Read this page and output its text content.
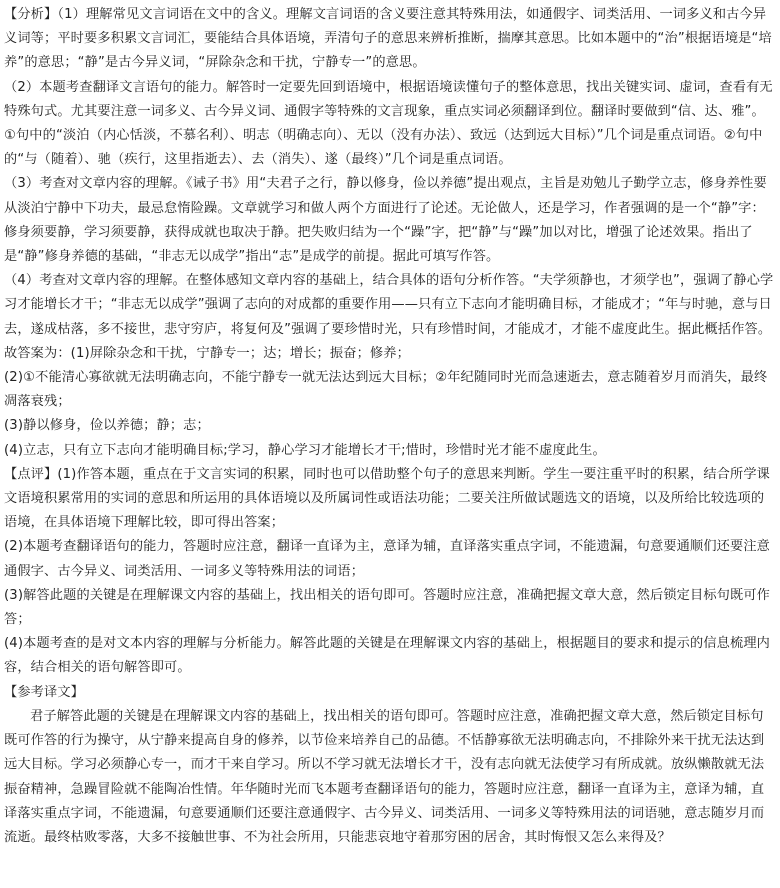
【分析】（1）理解常见文言词语在文中的含义。理解文言词语的含义要注意其特殊用法，如通假字、词类活用、一词多义和古今异义词等；平时要多积累文言词汇，要能结合具体语境，弄清句子的意思来辨析推断，揣摩其意思。比如本题中的“治”根据语境是“培养”的意思；“静”是古今异义词，“屏除杂念和干扰，宁静专一”的意思。

（2）本题考查翻译文言语句的能力。解答时一定要先回到语境中，根据语境读懂句子的整体意思，找出关键实词、虚词，查看有无特殊句式。尤其要注意一词多义、古今异义词、通假字等特殊的文言现象，重点实词必须翻译到位。翻译时要做到“信、达、雅”。①句中的“淡泊（内心恬淡，不慕名利）、明志（明确志向）、无以（没有办法）、致远（达到远大目标）”几个词是重点词语。②句中的“与（随着）、驰（疾行，这里指逝去）、去（消失）、遂（最终）”几个词是重点词语。

（3）考查对文章内容的理解。《诫子书》用“夫君子之行，静以修身，俭以养德”提出观点，主旨是劝勉儿子勤学立志，修身养性要从淡泊宁静中下功夫，最忌怠惰险躁。文章就学习和做人两个方面进行了论述。无论做人，还是学习，作者强调的是一个“静”字：修身须要静，学习须要静，获得成就也取决于静。把失败归结为一个“躁”字，把“静”与“躁”加以对比，增强了论述效果。指出了是“静”修身养德的基础，“非志无以成学”指出“志”是成学的前提。据此可填写作答。

（4）考查对文章内容的理解。在整体感知文章内容的基础上，结合具体的语句分析作答。“夫学须静也，才须学也”，强调了静心学习才能增长才干；“非志无以成学”强调了志向的对成都的重要作用——只有立下志向才能明确目标，才能成才；“年与时驰，意与日去，遂成枯落，多不接世，悲守穷庐，将复何及”强调了要珍惜时光，只有珍惜时间，才能成才，才能不虚度此生。据此概括作答。

故答案为：(1)屏除杂念和干扰，宁静专一；达；增长；振奋；修养；

(2)①不能清心寡欲就无法明确志向，不能宁静专一就无法达到远大目标；②年纪随同时光而急速逝去，意志随着岁月而消失，最终凋落衰残；

(3)静以修身，俭以养德；静；志；

(4)立志，只有立下志向才能明确目标;学习，静心学习才能增长才干;惜时，珍惜时光才能不虚度此生。

【点评】(1)作答本题，重点在于文言实词的积累，同时也可以借助整个句子的意思来判断。学生一要注重平时的积累，结合所学课文语境积累常用的实词的意思和所运用的具体语境以及所属词性或语法功能；二要关注所做试题选文的语境，以及所给比较选项的语境，在具体语境下理解比较，即可得出答案；

(2)本题考查翻译语句的能力，答题时应注意，翻译一直译为主，意译为辅，直译落实重点字词，不能遗漏，句意要通顺们还要注意通假字、古今异义、词类活用、一词多义等特殊用法的词语；

(3)解答此题的关键是在理解课文内容的基础上，找出相关的语句即可。答题时应注意，准确把握文章大意，然后锁定目标句既可作答；

(4)本题考查的是对文本内容的理解与分析能力。解答此题的关键是在理解课文内容的基础上，根据题目的要求和提示的信息梳理内容，结合相关的语句解答即可。

【参考译文】

君子解答此题的关键是在理解课文内容的基础上，找出相关的语句即可。答题时应注意，准确把握文章大意，然后锁定目标句既可作答的行为操守，从宁静来提高自身的修养，以节俭来培养自己的品德。不恬静寡欲无法明确志向，不排除外来干扰无法达到远大目标。学习必须静心专一，而才干来自学习。所以不学习就无法增长才干，没有志向就无法使学习有所成就。放纵懒散就无法振奋精神，急躁冒险就不能陶冶性情。年华随时光而飞本题考查翻译语句的能力，答题时应注意，翻译一直译为主，意译为辅，直译落实重点字词，不能遗漏，句意要通顺们还要注意通假字、古今异义、词类活用、一词多义等特殊用法的词语驰，意志随岁月而流逝。最终枯败零落，大多不接触世事、不为社会所用，只能悲哀地守着那穷困的居舍，其时悔恨又怎么来得及？
